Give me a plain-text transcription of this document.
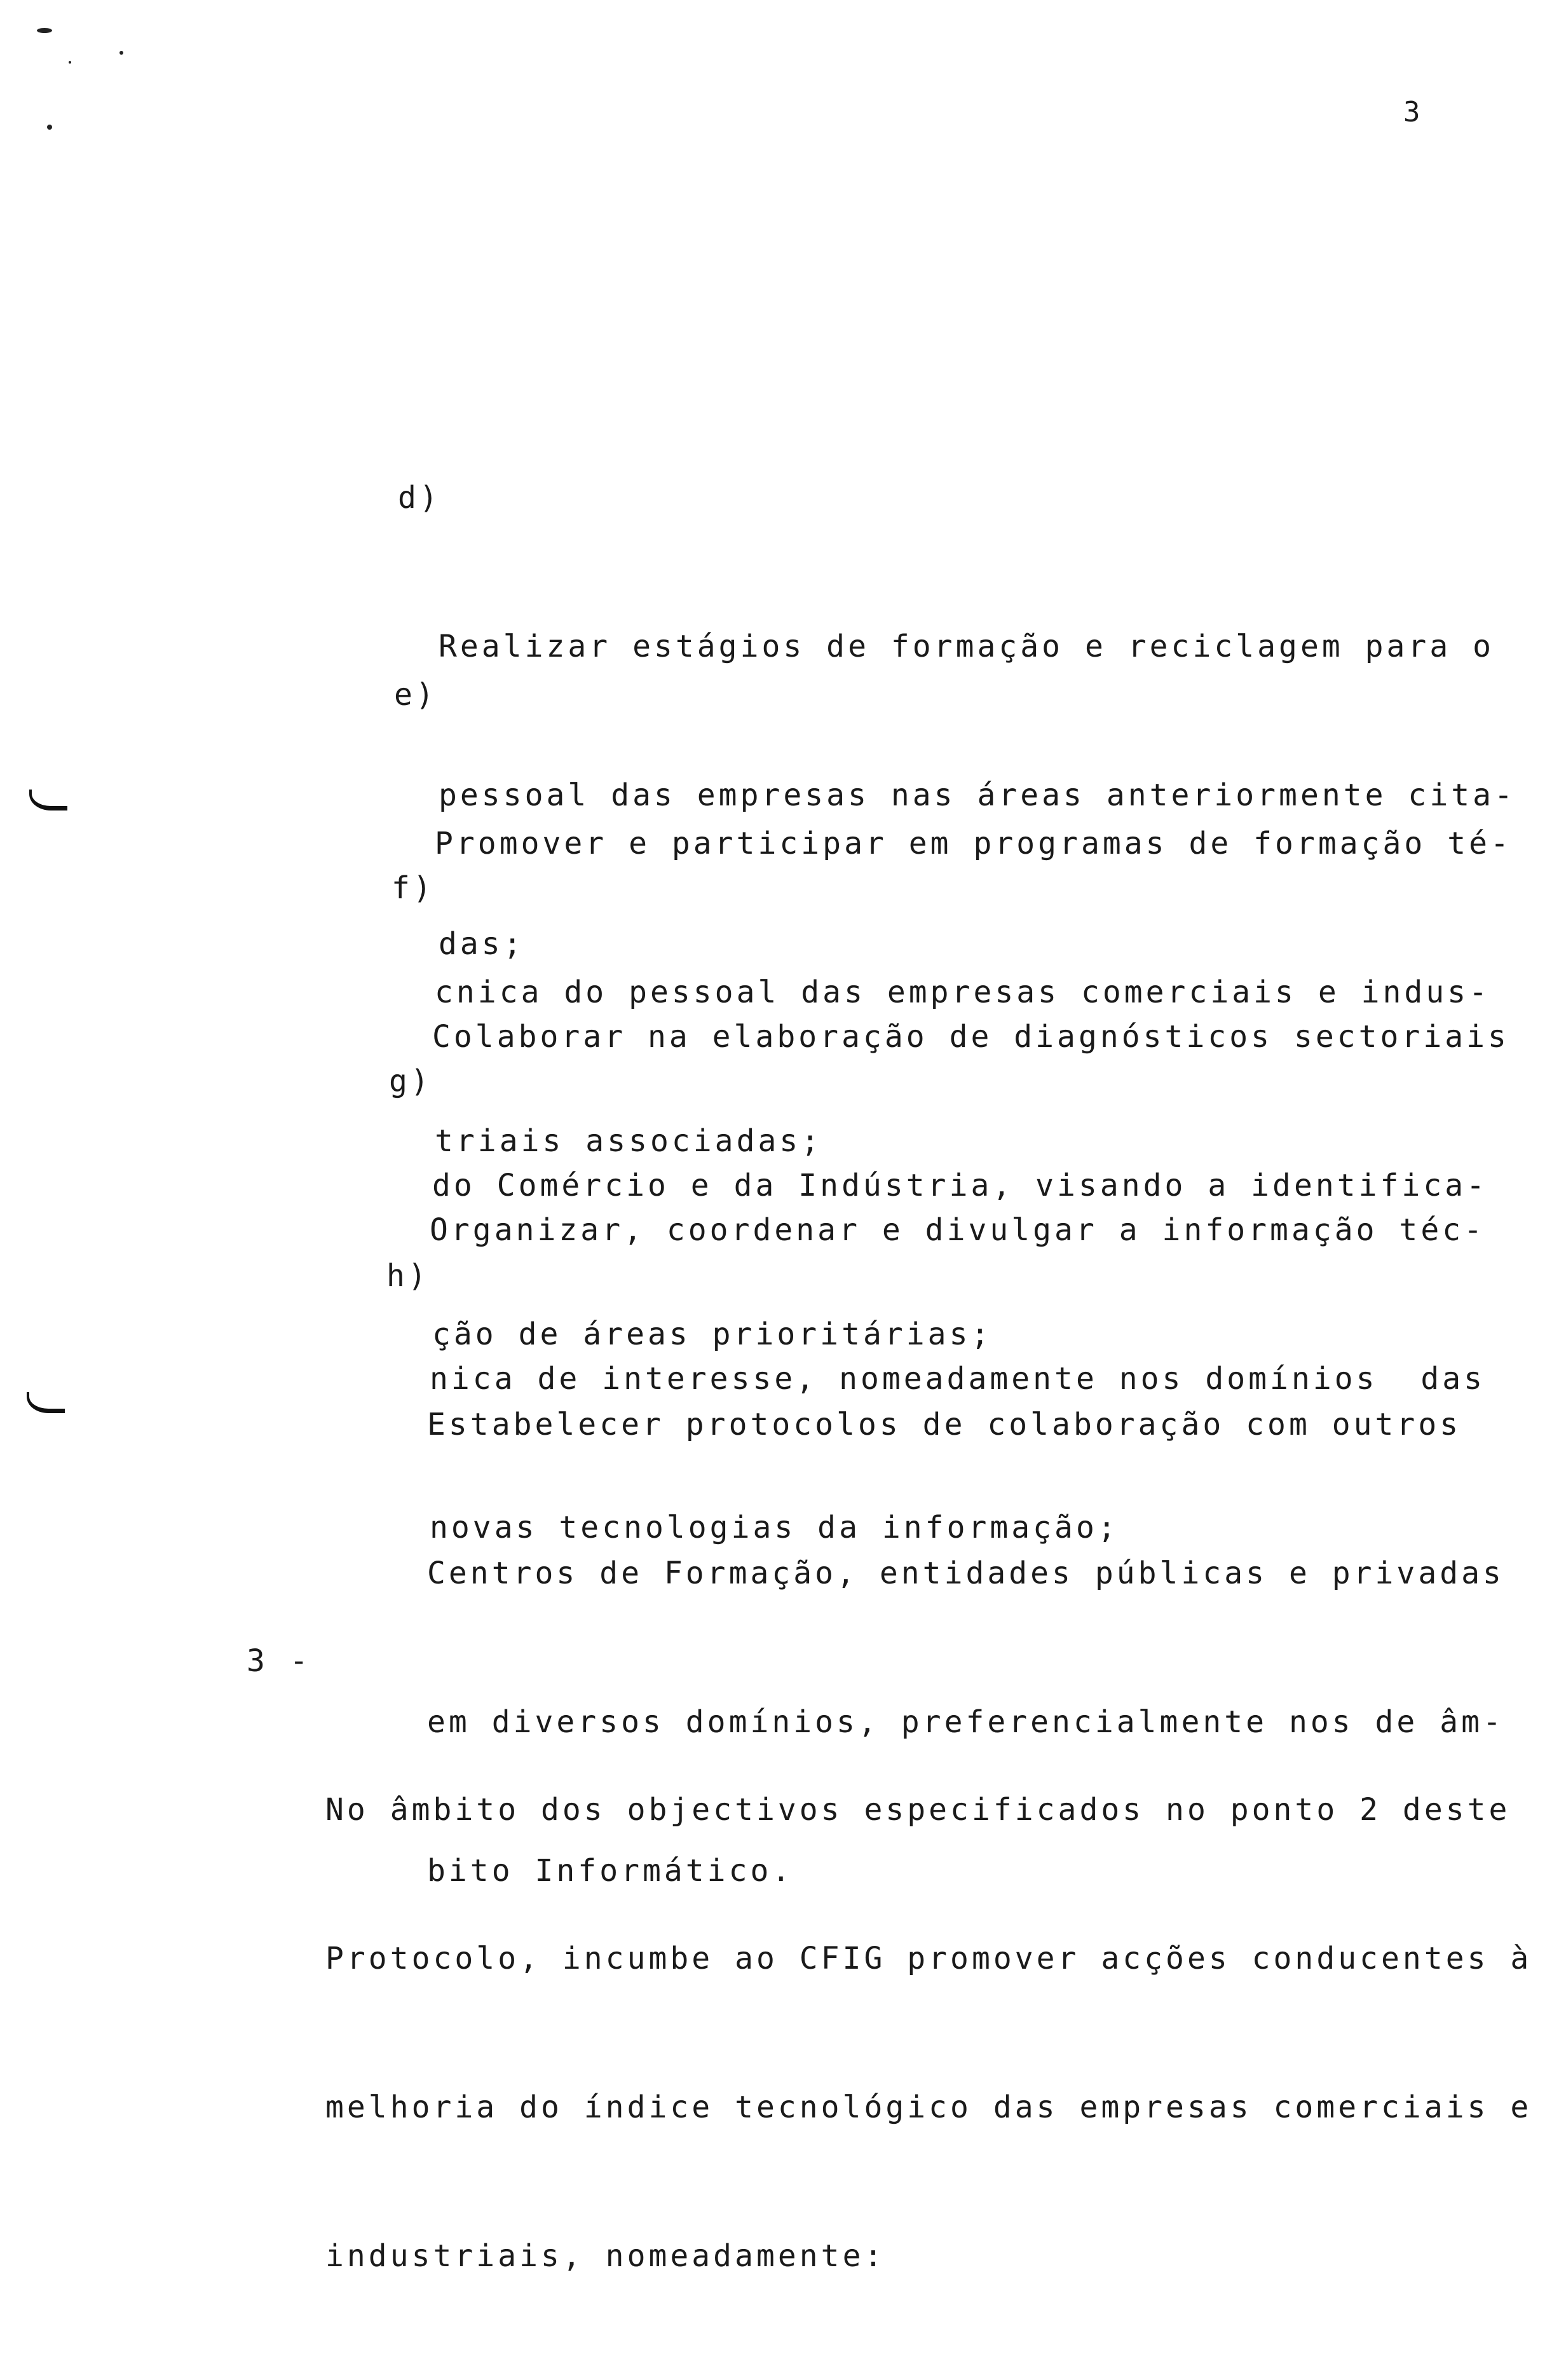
3

d)

Realizar estágios de formação e reciclagem para o

pessoal das empresas nas áreas anteriormente cita-

das;

e)

Promover e participar em programas de formação té-

cnica do pessoal das empresas comerciais e indus-

triais associadas;

f)

Colaborar na elaboração de diagnósticos sectoriais

do Comércio e da Indústria, visando a identifica-

ção de áreas prioritárias;

g)

Organizar, coordenar e divulgar a informação téc-

nica de interesse, nomeadamente nos domínios  das

novas tecnologias da informação;

h)

Estabelecer protocolos de colaboração com outros

Centros de Formação, entidades públicas e privadas

em diversos domínios, preferencialmente nos de âm-

bito Informático.

3 -

No âmbito dos objectivos especificados no ponto 2 deste

Protocolo, incumbe ao CFIG promover acções conducentes à

melhoria do índice tecnológico das empresas comerciais e

industriais, nomeadamente:
